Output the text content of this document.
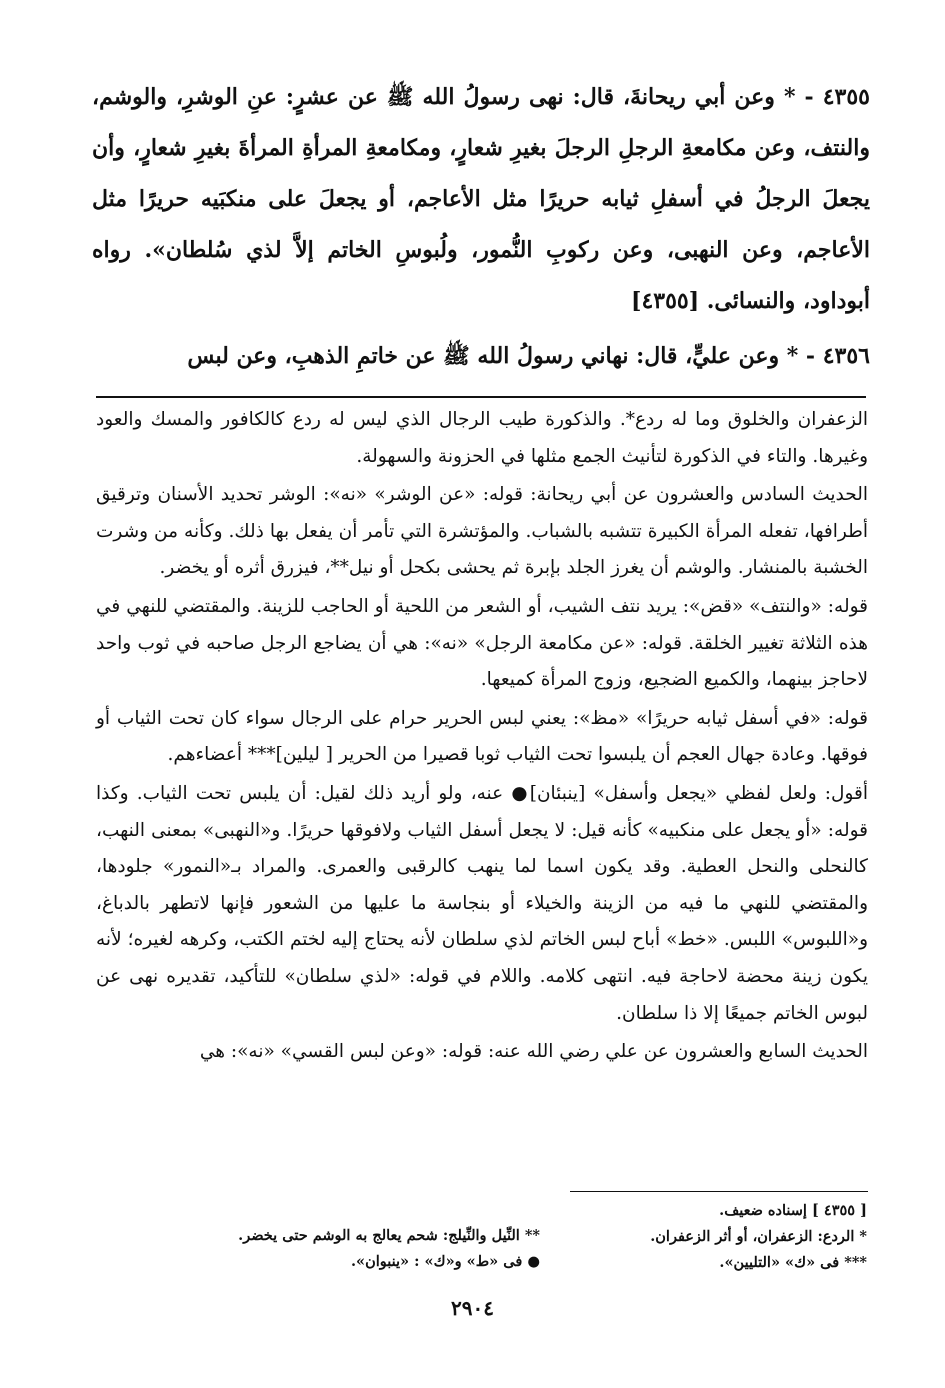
٤٣٥٥ - * وعن أبي ريحانةَ، قال: نهى رسولُ الله ﷺ عن عشرٍ: عنِ الوشرِ، والوشم، والنتف، وعن مكامعةِ الرجلِ الرجلَ بغيرِ شعارٍ، ومكامعةِ المرأةِ المرأةَ بغيرِ شعارٍ، وأن يجعلَ الرجلُ في أسفلِ ثيابه حريرًا مثل الأعاجم، أو يجعلَ على منكبَيه حريرًا مثل الأعاجم، وعن النهبى، وعن ركوبِ النُّمور، ولُبوسِ الخاتم إلاَّ لذي سُلطان». رواه أبوداود، والنسائى. [٤٣٥٥]

٤٣٥٦ - * وعن عليٍّ، قال: نهاني رسولُ الله ﷺ عن خاتمِ الذهبِ، وعن لبس

الزعفران والخلوق وما له ردع*. والذكورة طيب الرجال الذي ليس له ردع كالكافور والمسك والعود وغيرها. والتاء في الذكورة لتأنيث الجمع مثلها في الحزونة والسهولة.

الحديث السادس والعشرون عن أبي ريحانة: قوله: «عن الوشر» «نه»: الوشر تحديد الأسنان وترقيق أطرافها، تفعله المرأة الكبيرة تتشبه بالشباب. والمؤتشرة التي تأمر أن يفعل بها ذلك. وكأنه من وشرت الخشبة بالمنشار. والوشم أن يغرز الجلد بإبرة ثم يحشى بكحل أو نيل**، فيزرق أثره أو يخضر.

قوله: «والنتف» «قض»: يريد نتف الشيب، أو الشعر من اللحية أو الحاجب للزينة. والمقتضي للنهي في هذه الثلاثة تغيير الخلقة. قوله: «عن مكامعة الرجل» «نه»: هي أن يضاجع الرجل صاحبه في ثوب واحد لاحاجز بينهما، والكميع الضجيع، وزوج المرأة كميعها.

قوله: «في أسفل ثيابه حريرًا» «مظ»: يعني لبس الحرير حرام على الرجال سواء كان تحت الثياب أو فوقها. وعادة جهال العجم أن يلبسوا تحت الثياب ثوبا قصيرا من الحرير [ ليلين]*** أعضاءهم.

أقول: ولعل لفظي «يجعل وأسفل» [ينبئان]● عنه، ولو أريد ذلك لقيل: أن يلبس تحت الثياب. وكذا قوله: «أو يجعل على منكبيه» كأنه قيل: لا يجعل أسفل الثياب ولافوقها حريرًا. و«النهبى» بمعنى النهب، كالنحلى والنحل العطية. وقد يكون اسما لما ينهب كالرقبى والعمرى. والمراد بـ«النمور» جلودها، والمقتضي للنهي ما فيه من الزينة والخيلاء أو بنجاسة ما عليها من الشعور فإنها لاتطهر بالدباغ، و«اللبوس» اللبس. «خط» أباح لبس الخاتم لذي سلطان لأنه يحتاج إليه لختم الكتب، وكرهه لغيره؛ لأنه يكون زينة محضة لاحاجة فيه. انتهى كلامه. واللام في قوله: «لذي سلطان» للتأكيد، تقديره نهى عن لبوس الخاتم جميعًا إلا ذا سلطان.

الحديث السابع والعشرون عن علي رضي الله عنه: قوله: «وعن لبس القسي» «نه»: هي

[ ٤٣٥٥ ] إسناده ضعيف.
* الردع: الزعفران، أو أثر الزعفران.
*** فى «ك» «التليين».
** النِّيل والنِّيلج: شحم يعالج به الوشم حتى يخضر.
● فى «ط» و«ك» : «ينبوان».
٢٩٠٤
